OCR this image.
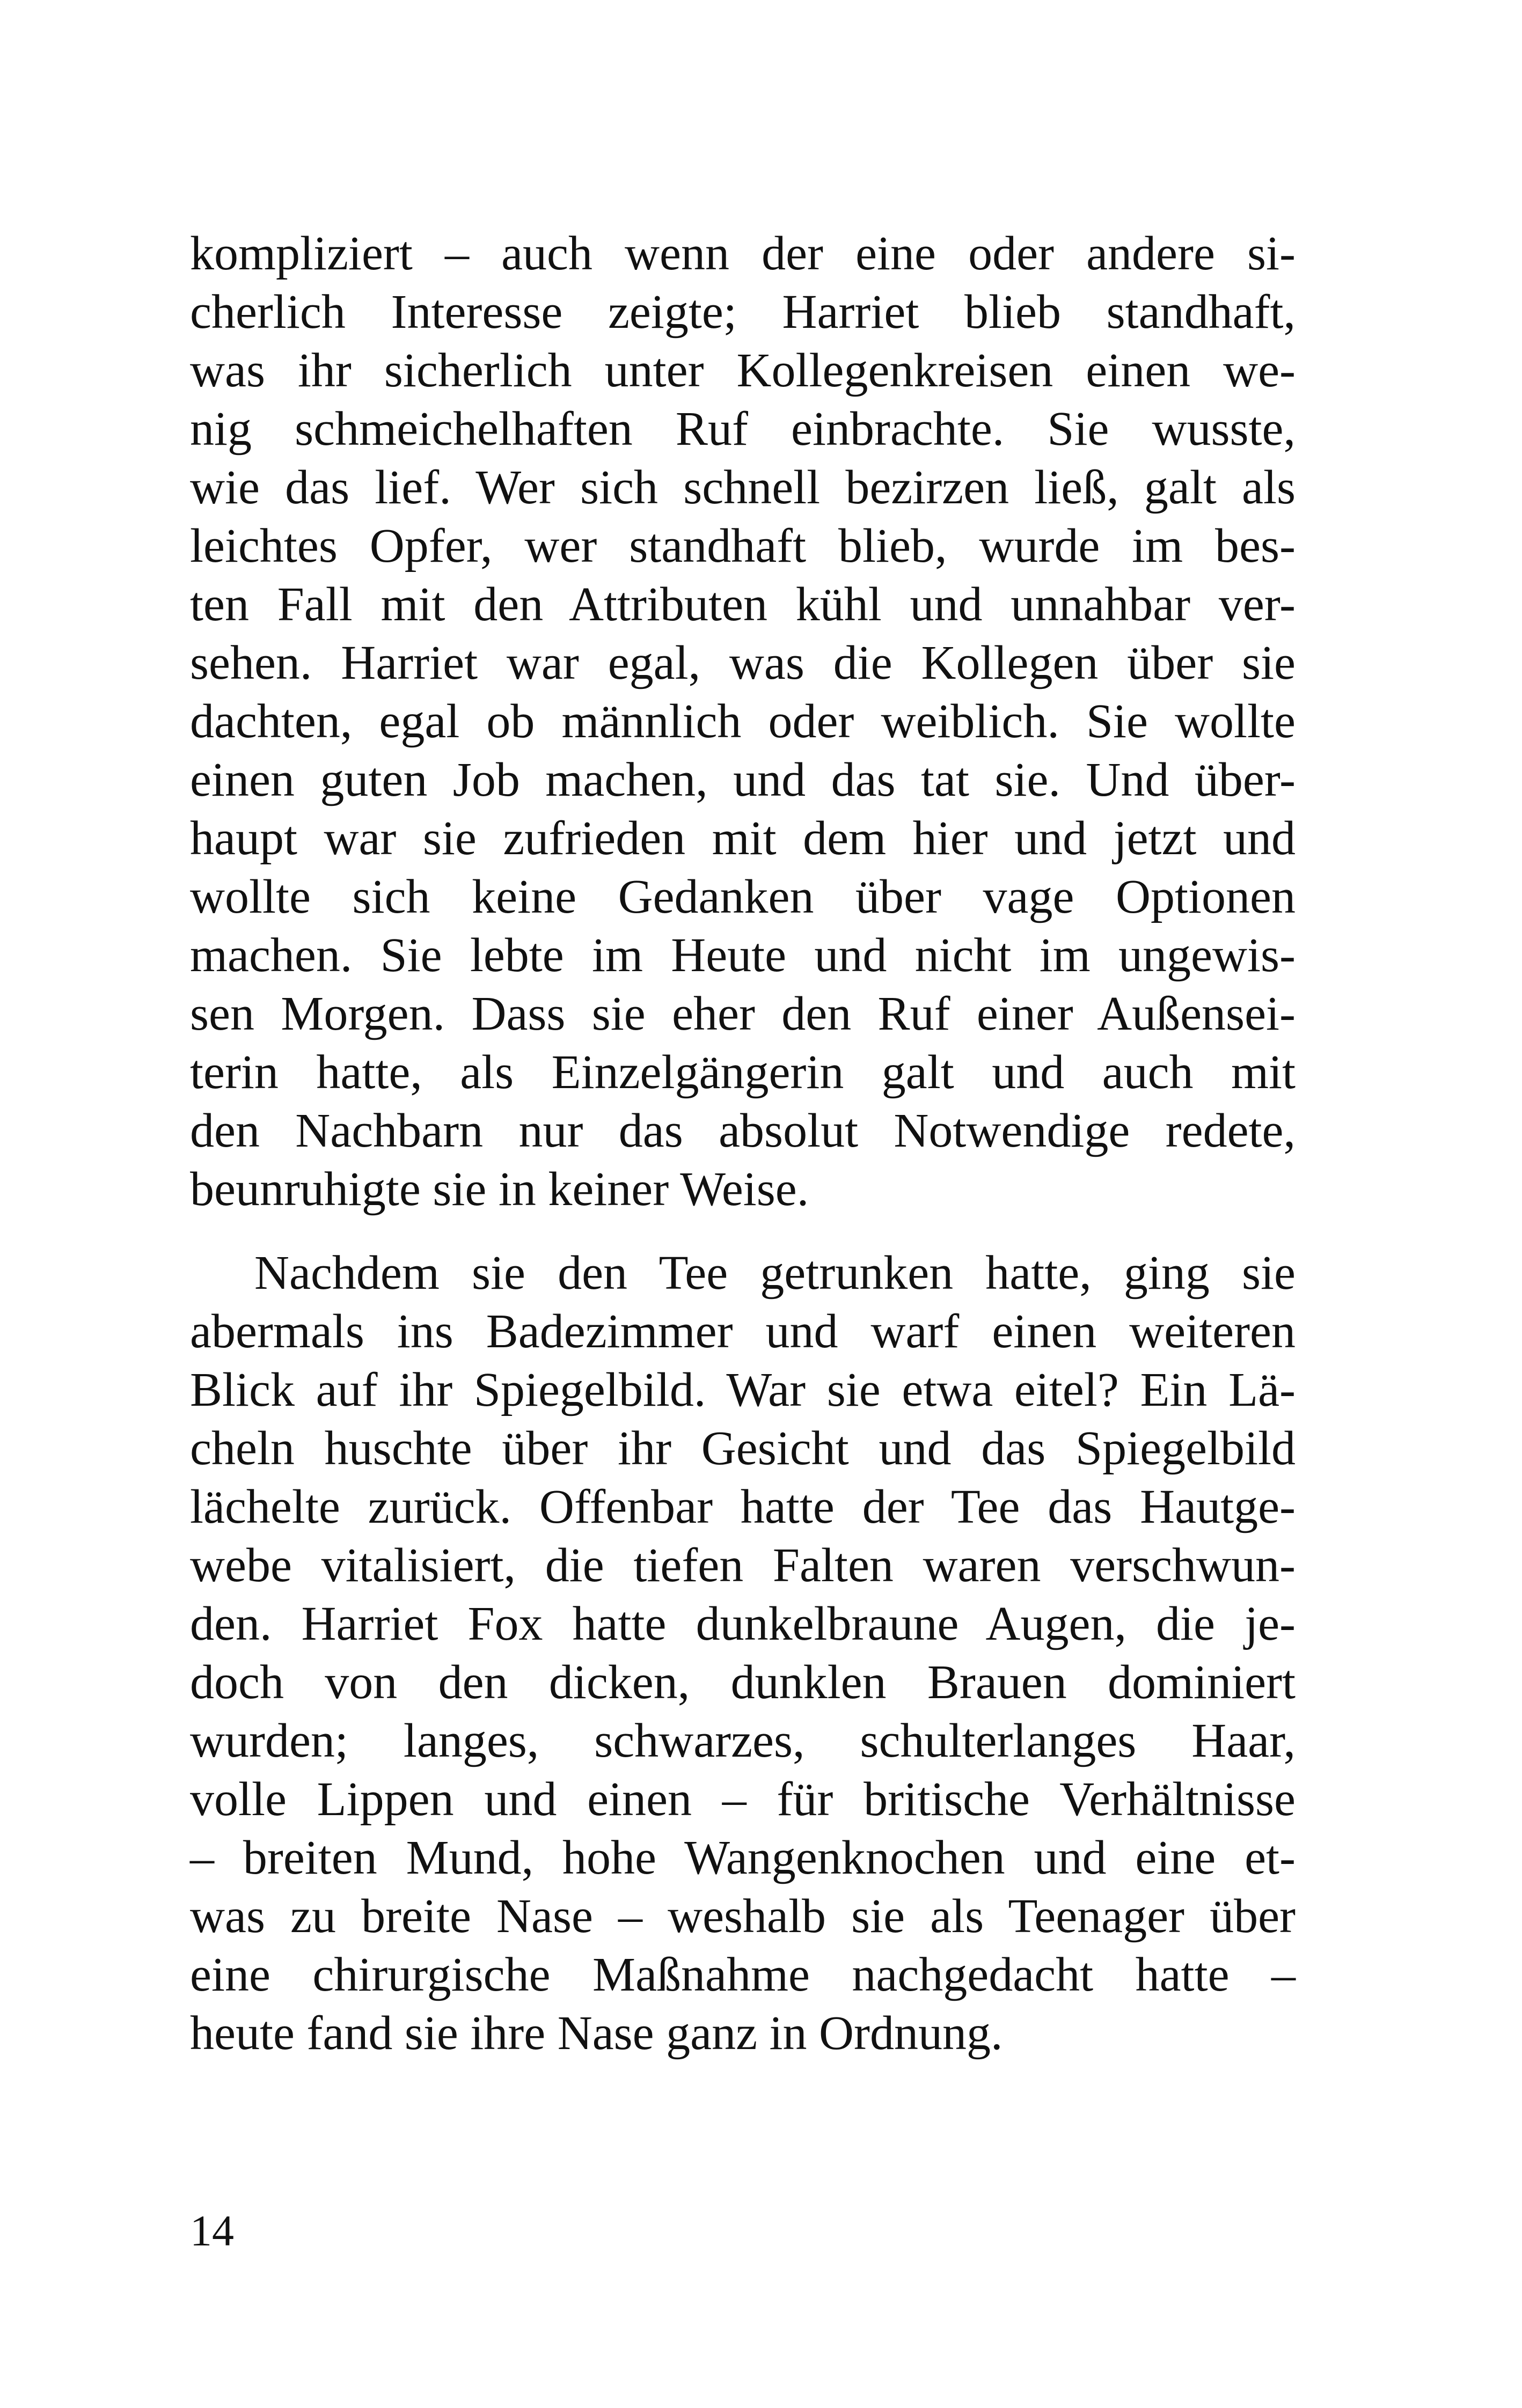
kompliziert – auch wenn der eine oder andere si-
cherlich Interesse zeigte; Harriet blieb standhaft,
was ihr sicherlich unter Kollegenkreisen einen we-
nig schmeichelhaften Ruf einbrachte. Sie wusste,
wie das lief. Wer sich schnell bezirzen ließ, galt als
leichtes Opfer, wer standhaft blieb, wurde im bes-
ten Fall mit den Attributen kühl und unnahbar ver-
sehen. Harriet war egal, was die Kollegen über sie
dachten, egal ob männlich oder weiblich. Sie wollte
einen guten Job machen, und das tat sie. Und über-
haupt war sie zufrieden mit dem hier und jetzt und
wollte sich keine Gedanken über vage Optionen
machen. Sie lebte im Heute und nicht im ungewis-
sen Morgen. Dass sie eher den Ruf einer Außensei-
terin hatte, als Einzelgängerin galt und auch mit
den Nachbarn nur das absolut Notwendige redete,
beunruhigte sie in keiner Weise.
Nachdem sie den Tee getrunken hatte, ging sie
abermals ins Badezimmer und warf einen weiteren
Blick auf ihr Spiegelbild. War sie etwa eitel? Ein Lä-
cheln huschte über ihr Gesicht und das Spiegelbild
lächelte zurück. Offenbar hatte der Tee das Hautge-
webe vitalisiert, die tiefen Falten waren verschwun-
den. Harriet Fox hatte dunkelbraune Augen, die je-
doch von den dicken, dunklen Brauen dominiert
wurden; langes, schwarzes, schulterlanges Haar,
volle Lippen und einen – für britische Verhältnisse
– breiten Mund, hohe Wangenknochen und eine et-
was zu breite Nase – weshalb sie als Teenager über
eine chirurgische Maßnahme nachgedacht hatte –
heute fand sie ihre Nase ganz in Ordnung.
14
